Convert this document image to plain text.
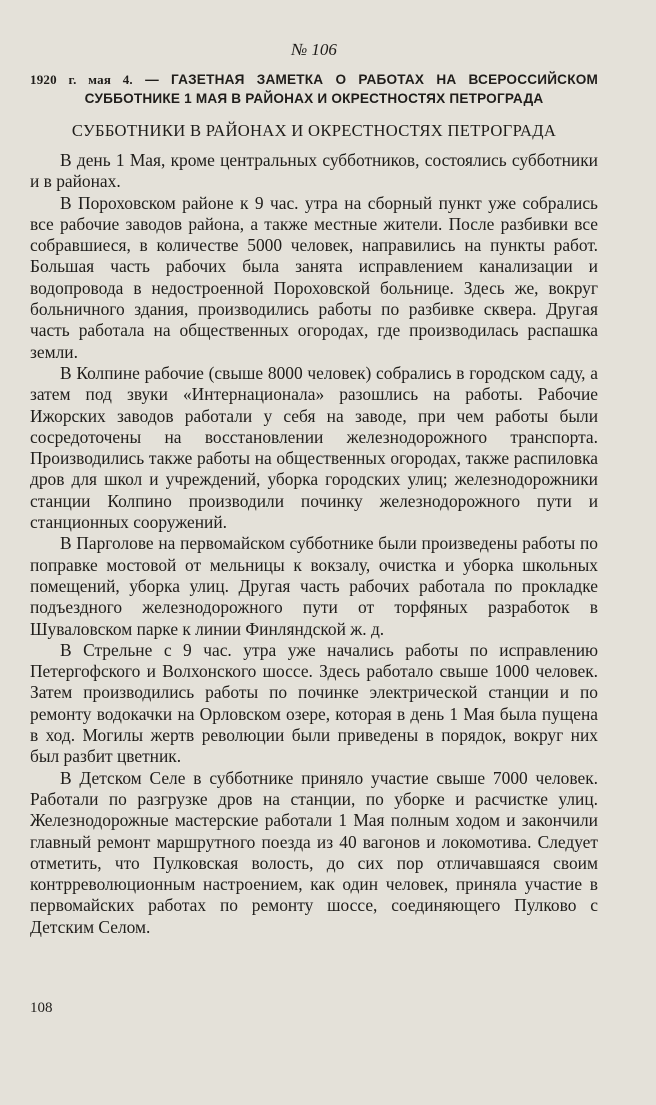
№ 106

1920 г. мая 4. — ГАЗЕТНАЯ ЗАМЕТКА О РАБОТАХ НА ВСЕРОССИЙСКОМ СУББОТНИКЕ 1 МАЯ В РАЙОНАХ И ОКРЕСТНОСТЯХ ПЕТРОГРАДА

СУББОТНИКИ В РАЙОНАХ И ОКРЕСТНОСТЯХ ПЕТРОГРАДА

В день 1 Мая, кроме центральных субботников, состоялись субботники и в районах.

В Пороховском районе к 9 час. утра на сборный пункт уже собрались все рабочие заводов района, а также местные жители. После разбивки все собравшиеся, в количестве 5000 человек, направились на пункты работ. Большая часть рабочих была занята исправлением канализации и водопровода в недостроенной Пороховской больнице. Здесь же, вокруг больничного здания, производились работы по разбивке сквера. Другая часть работала на общественных огородах, где производилась распашка земли.

В Колпине рабочие (свыше 8000 человек) собрались в городском саду, а затем под звуки «Интернационала» разошлись на работы. Рабочие Ижорских заводов работали у себя на заводе, при чем работы были сосредоточены на восстановлении железнодорожного транспорта. Производились также работы на общественных огородах, также распиловка дров для школ и учреждений, уборка городских улиц; железнодорожники станции Колпино производили починку железнодорожного пути и станционных сооружений.

В Парголове на первомайском субботнике были произведены работы по поправке мостовой от мельницы к вокзалу, очистка и уборка школьных помещений, уборка улиц. Другая часть рабочих работала по прокладке подъездного железнодорожного пути от торфяных разработок в Шуваловском парке к линии Финляндской ж. д.

В Стрельне с 9 час. утра уже начались работы по исправлению Петергофского и Волхонского шоссе. Здесь работало свыше 1000 человек. Затем производились работы по починке электрической станции и по ремонту водокачки на Орловском озере, которая в день 1 Мая была пущена в ход. Могилы жертв революции были приведены в порядок, вокруг них был разбит цветник.

В Детском Селе в субботнике приняло участие свыше 7000 человек. Работали по разгрузке дров на станции, по уборке и расчистке улиц. Железнодорожные мастерские работали 1 Мая полным ходом и закончили главный ремонт маршрутного поезда из 40 вагонов и локомотива. Следует отметить, что Пулковская волость, до сих пор отличавшаяся своим контрреволюционным настроением, как один человек, приняла участие в первомайских работах по ремонту шоссе, соединяющего Пулково с Детским Селом.

108
